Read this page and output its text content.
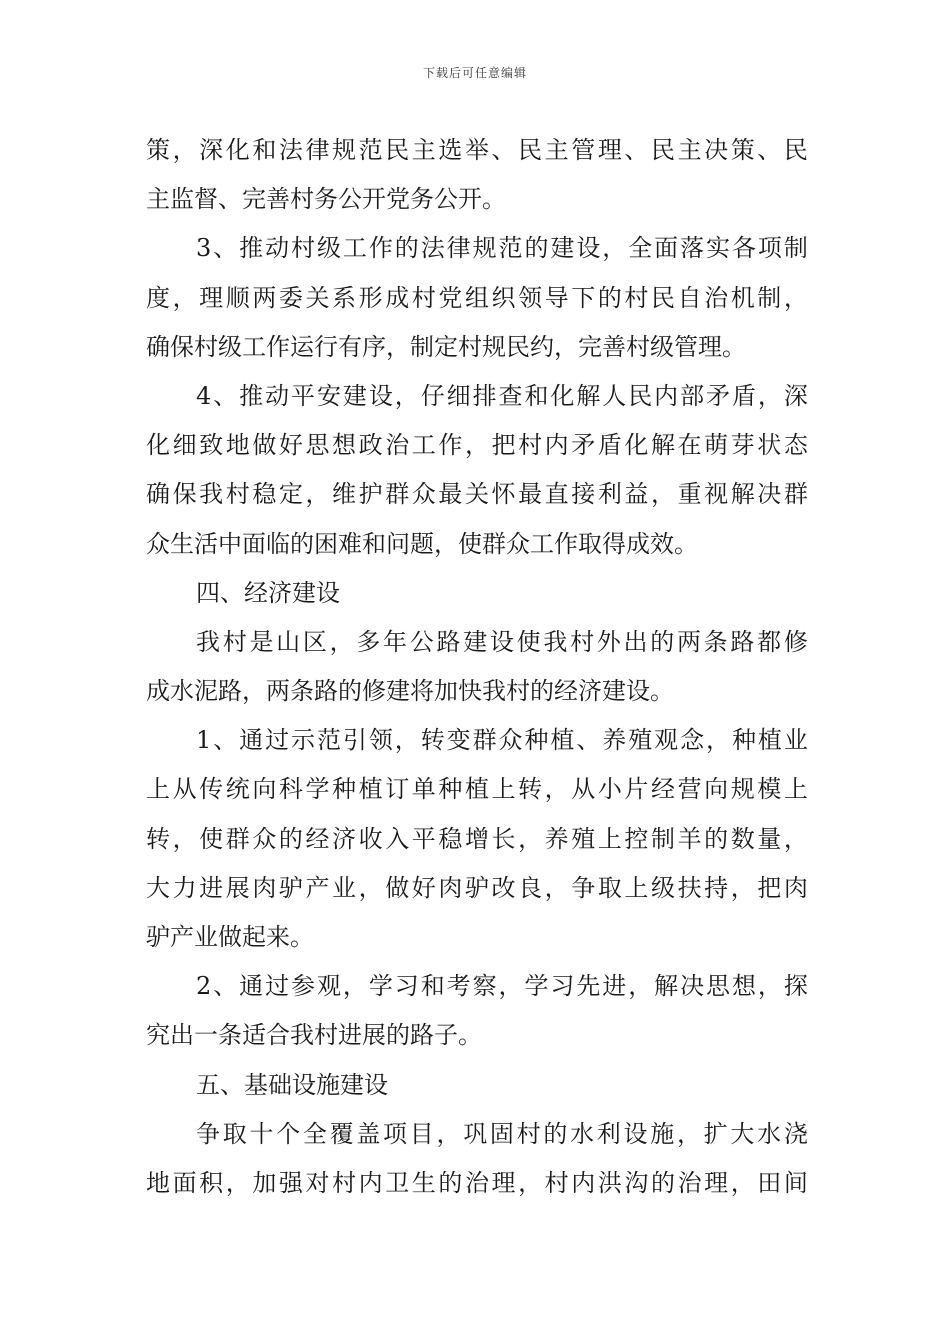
下载后可任意编辑
策 ， 深 化 和 法 律 规 范 民 主 选 举 、 民 主 管 理 、 民 主 决 策 、 民
主监督、完善村务公开党务公开。
3 、 推 动 村 级 工 作 的 法 律 规 范 的 建 设 ， 全 面 落 实 各 项 制
度 ， 理 顺 两 委 关 系 形 成 村 党 组 织 领 导 下 的 村 民 自 治 机 制 ，
确保村级工作运行有序，制定村规民约，完善村级管理。
4 、 推 动 平 安 建 设 ， 仔 细 排 查 和 化 解 人 民 内 部 矛 盾 ， 深
化 细 致 地 做 好 思 想 政 治 工 作 ， 把 村 内 矛 盾 化 解 在 萌 芽 状 态
确 保 我 村 稳 定 ， 维 护 群 众 最 关 怀 最 直 接 利 益 ， 重 视 解 决 群
众生活中面临的困难和问题，使群众工作取得成效。
四、经济建设
我 村 是 山 区 ， 多 年 公 路 建 设 使 我 村 外 出 的 两 条 路 都 修
成水泥路，两条路的修建将加快我村的经济建设。
1 、 通 过 示 范 引 领 ， 转 变 群 众 种 植 、 养 殖 观 念 ， 种 植 业
上 从 传 统 向 科 学 种 植 订 单 种 植 上 转 ， 从 小 片 经 营 向 规 模 上
转 ， 使 群 众 的 经 济 收 入 平 稳 增 长 ， 养 殖 上 控 制 羊 的 数 量 ，
大 力 进 展 肉 驴 产 业 ， 做 好 肉 驴 改 良 ， 争 取 上 级 扶 持 ， 把 肉
驴产业做起来。
2 、 通 过 参 观 ， 学 习 和 考 察 ， 学 习 先 进 ， 解 决 思 想 ， 探
究出一条适合我村进展的路子。
五、基础设施建设
争 取 十 个 全 覆 盖 项 目 ， 巩 固 村 的 水 利 设 施 ， 扩 大 水 浇
地 面 积 ， 加 强 对 村 内 卫 生 的 治 理 ， 村 内 洪 沟 的 治 理 ， 田 间
